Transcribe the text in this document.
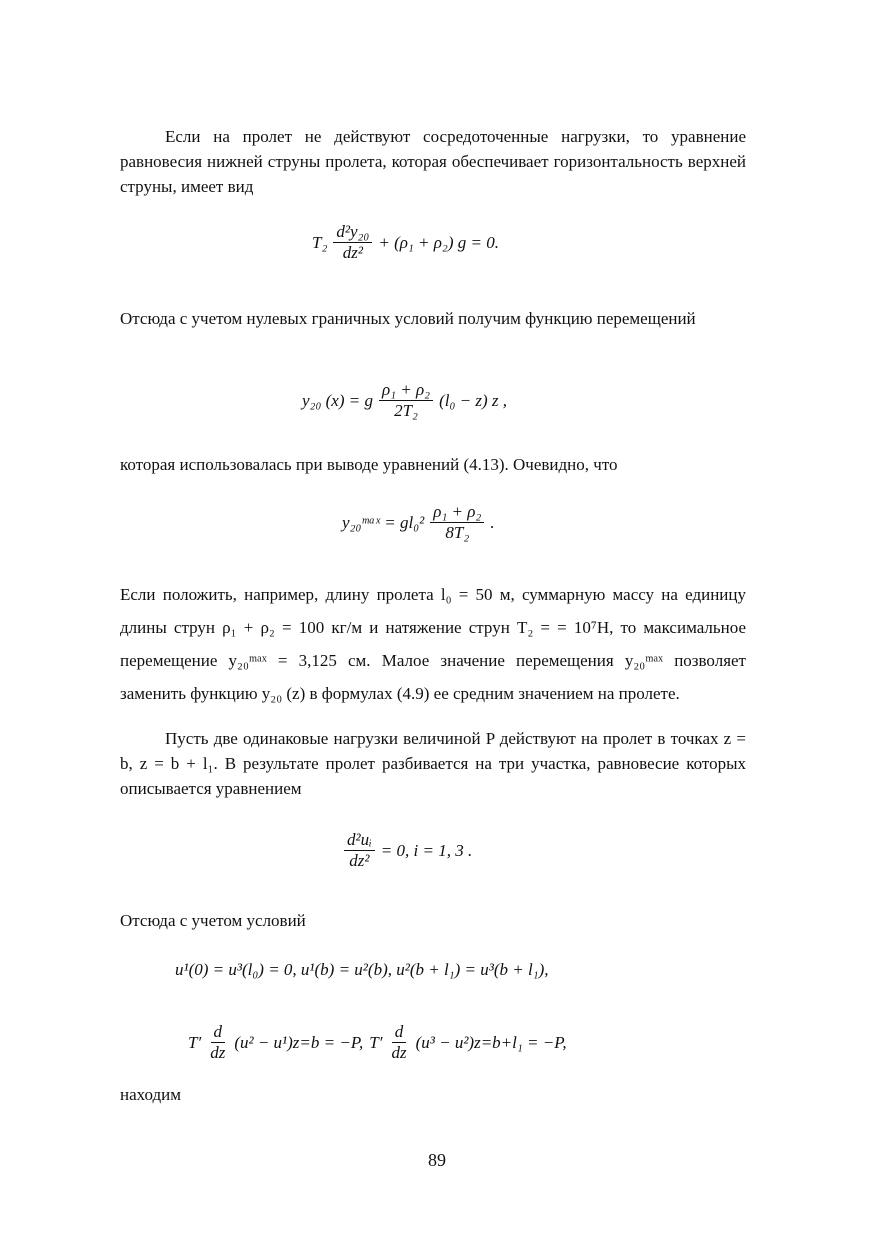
Если на пролет не действуют сосредоточенные нагрузки, то уравнение равновесия нижней струны пролета, которая обеспечивает горизонтальность верхней струны, имеет вид
$T_2 \frac{\text{d²y₂₀}}{\text{dz²}} + (\rho_1 + \rho_2) g = 0$.
Отсюда с учетом нулевых граничных условий получим функцию перемещений
y₂₀ (x) = g $\frac{\text{ρ₁ + ρ₂}}{\text{2T₂}} (l_0 - z)$ z ,
которая использовалась при выводе уравнений (4.13). Очевидно, что
y₂₀ᵐᵃˣ = $gl_0^2 \frac{\text{ρ₁ + ρ₂}}{\text{8T₂}}$ .
Если положить, например, длину пролета l₀ = 50 м, суммарную массу на единицу длины струн ρ₁ + ρ₂ = 100 кг/м и натяжение струн T₂ = = 10⁷Н, то максимальное перемещение y₂₀ᵐᵃˣ = 3,125 см. Малое значение перемещения y₂₀ᵐᵃˣ позволяет заменить функцию y₂₀ (z) в формулах (4.9) ее средним значением на пролете.
Пусть две одинаковые нагрузки величиной P действуют на пролет в точках z = b, z = b + l₁. В результате пролет разбивается на три участка, равновесие которых описывается уравнением
$\frac{\text{d²uᵢ}}{\text{dz²}} = 0$, i = 1, 3 .
Отсюда с учетом условий
u¹(0) = u³(l₀) = 0, u¹(b) = u²(b), u²(b + l₁) = u³(b + l₁),
$T' \frac{d}{dz} (u^2 - u^1)z=b = -P$, $T' \frac{d}{dz} (u^3 - u^2)z=b+l_1 = -P$,
находим
89
